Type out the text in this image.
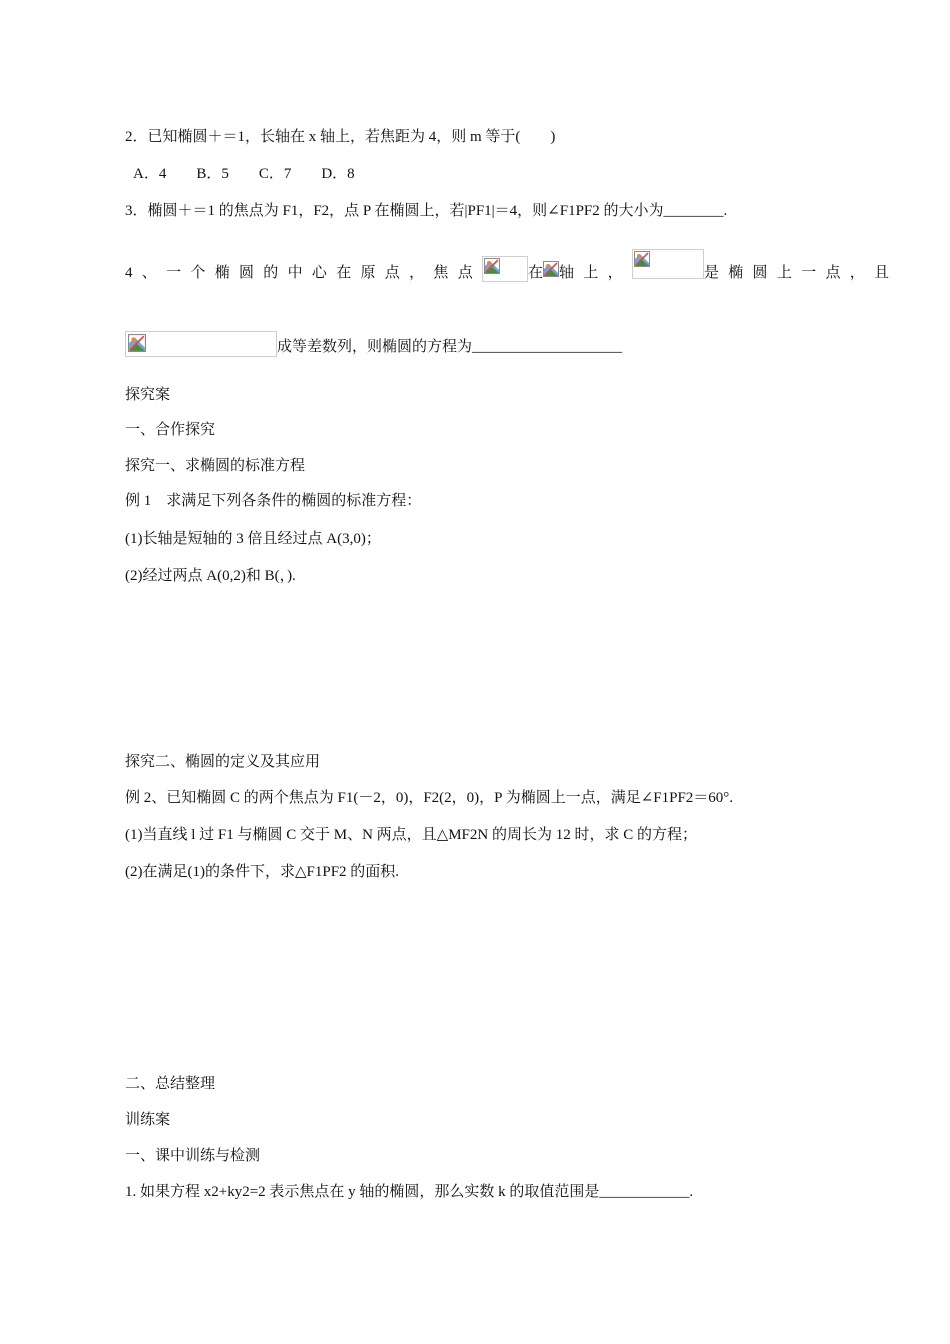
2．已知椭圆＋＝1，长轴在 x 轴上，若焦距为 4，则 m 等于(　　)
A．4　　B．5　　C．7　　D．8
3．椭圆＋＝1 的焦点为 F1，F2，点 P 在椭圆上，若|PF1|＝4，则∠F1PF2 的大小为________.
4、一个椭圆的中心在原点，焦点	在 轴上，	是椭圆上一点，且
成等差数列，则椭圆的方程为____________________
探究案
一、合作探究
探究一、求椭圆的标准方程
例 1　求满足下列各条件的椭圆的标准方程：
(1)长轴是短轴的 3 倍且经过点 A(3,0)；
(2)经过两点 A(0,2)和 B(，).
探究二、椭圆的定义及其应用
例 2、已知椭圆 C 的两个焦点为 F1(－2，0)，F2(2，0)，P 为椭圆上一点，满足∠F1PF2＝60°.
(1)当直线 l 过 F1 与椭圆 C 交于 M、N 两点，且△MF2N 的周长为 12 时，求 C 的方程；
(2)在满足(1)的条件下，求△F1PF2 的面积.
二、总结整理
训练案
一、课中训练与检测
1. 如果方程 x2+ky2=2 表示焦点在 y 轴的椭圆，那么实数 k 的取值范围是____________.
